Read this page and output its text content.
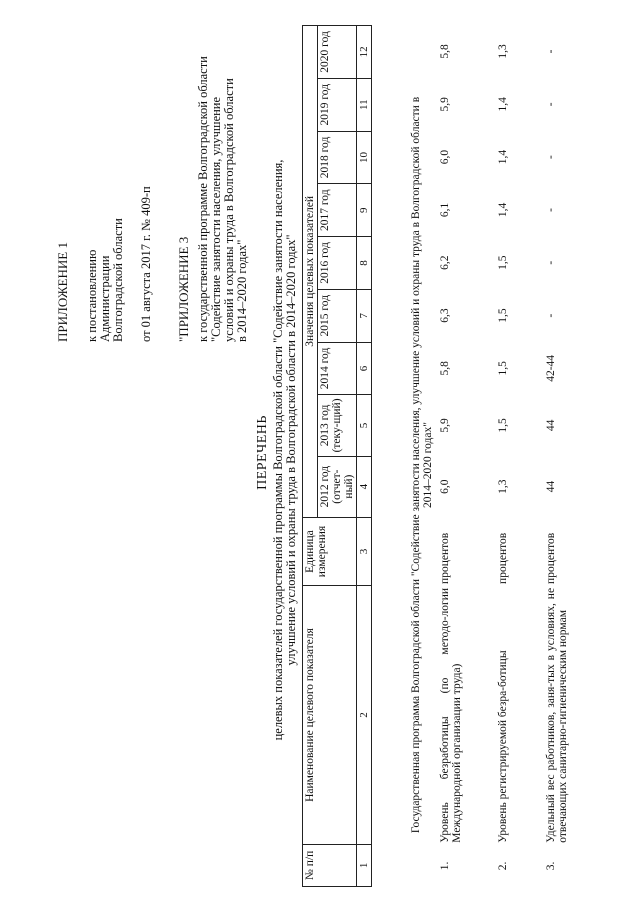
ПРИЛОЖЕНИЕ 1 к постановлению Администрации Волгоградской области от 01 августа 2017 г. № 409-п "ПРИЛОЖЕНИЕ 3 к государственной программе Волгоградской области "Содействие занятости населения, улучшение условий и охраны труда в Волгоградской области в 2014–2020 годах"
ПЕРЕЧЕНЬ целевых показателей государственной программы Волгоградской области "Содействие занятости населения, улучшение условий и охраны труда в Волгоградской области в 2014–2020 годах"
№ п/п	Наименование целевого показателя	Единица измерения	Значения целевых показателей								
			2012 год (отчет-ный)	2013 год (теку-щий)	2014 год	2015 год	2016 год	2017 год	2018 год	2019 год	2020 год
1	2	3	4	5	6	7	8	9	10	11	12
Государственная программа Волгоградской области "Содействие занятости населения, улучшение условий и охраны труда в Волгоградской области в 2014–2020 годах"
1.	Уровень безработицы (по методо-логии Международной организации труда)	процентов	6,0	5,9	5,8	6,3	6,2	6,1	6,0	5,9	5,8
2.	Уровень регистрируемой безра-ботицы	процентов	1,3	1,5	1,5	1,5	1,5	1,4	1,4	1,4	1,3
3.	Удельный вес работников, заня-тых в условиях, не отвечающих санитарно-гигиеническим нормам	процентов	44	44	42-44	-	-	-	-	-	-
